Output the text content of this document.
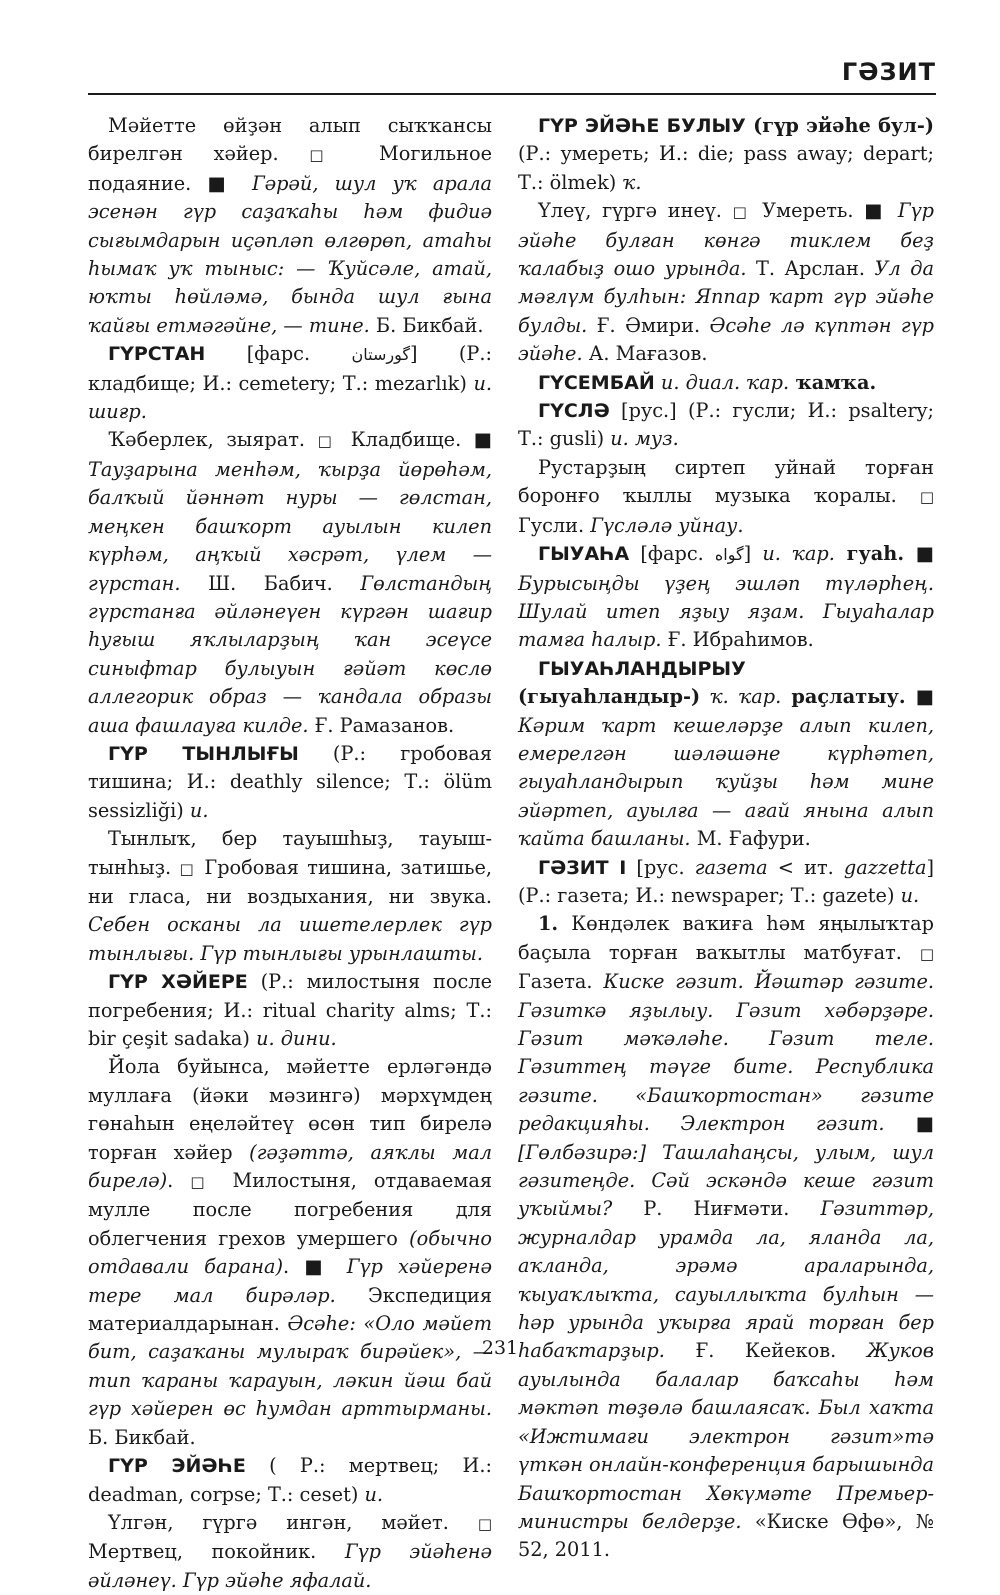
ГӘЗИТ

Мәйетте өйҙән алып сыҡҡансы бирелгән хәйер. □ Могильное подаяние. ■ Гәрәй, шул уҡ арала эсенән гүр саҙаҡаһы һәм фидиә сығымдарын иҫәпләп өлгөрөп, атаһы һымаҡ уҡ тыныс: — Ҡуйсәле, атай, юҡты һөйләмә, бында шул ғына ҡайғы етмәгәйне, — тине. Б. Бикбай.

ГҮРСТАН [фарс. گورستان] (Р.: кладбище; И.: cemetery; Т.: mezarlık) и. шиғр.

Ҡәберлек, зыярат. □ Кладбище. ■ Тауҙарына менһәм, ҡырҙа йөрөһәм, балҡый йәннәт нуры — гөлстан, меңкен башҡорт ауылын килеп күрһәм, аңҡый хәсрәт, үлем — гүрстан. Ш. Бабич. Гөлстандың гүрстанға әйләнеүен күргән шағир һуғыш яҡлыларҙың ҡан эсеүсе синыфтар булыуын ғәйәт көслө аллегорик образ — ҡандала образы аша фашлауға килде. Ғ. Рамазанов.

ГҮР ТЫНЛЫҒЫ (Р.: гробовая тишина; И.: deathly silence; Т.: ölüm sessizliği) и.

Тынлыҡ, бер тауышһыҙ, тауыш-тынһыҙ. □ Гробовая тишина, затишье, ни гласа, ни воздыхания, ни звука. Себен осканы ла ишетелерлек гүр тынлығы. Гүр тынлығы урынлашты.

ГҮР ХӘЙЕРЕ (Р.: милостыня после погребения; И.: ritual charity alms; Т.: bir çeşit sadaka) и. дини.

Йола буйынса, мәйетте ерләгәндә муллаға (йәки мәзингә) мәрхүмдең гөнаһын еңеләйтеү өсөн тип бирелә торған хәйер (гәҙәттә, аяҡлы мал бирелә). □ Милостыня, отдаваемая мулле после погребения для облегчения грехов умершего (обычно отдавали барана). ■ Гүр хәйеренә тере мал бирәләр. Экспедиция материалдарынан. Әсәһе: «Оло мәйет бит, саҙаҡаны мулыраҡ бирәйек», — тип ҡараны ҡарауын, ләкин йәш бай гүр хәйерен өс һумдан арттырманы. Б. Бикбай.

ГҮР ЭЙӘҺЕ ( Р.: мертвец; И.: deadman, corpse; Т.: ceset) и.

Үлгән, гүргә ингән, мәйет. □ Мертвец, покойник. Гүр эйәһенә әйләнеү. Гүр эйәһе яфалай.

ГҮР ЭЙӘҺЕ БУЛЫУ (гүр эйәһе бул-) (Р.: умереть; И.: die; pass away; depart; Т.: ölmek) ҡ.

Үлеү, гүргә инеү. □ Умереть. ■ Гүр эйәһе булған көнгә тиклем беҙ ҡалабыҙ ошо урында. Т. Арслан. Ул да мәғлүм булһын: Яппар ҡарт гүр эйәһе булды. Ғ. Әмири. Әсәһе лә күптән гүр эйәһе. А. Мағазов.

ГҮСЕМБАЙ и. диал. ҡар. ҡамҡа.

ГҮСЛӘ [рус.] (Р.: гусли; И.: psaltery; Т.: gusli) и. муз.

Рустарҙың сиртеп уйнай торған боронғо ҡыллы музыка ҡоралы. □ Гусли. Гүсләлә уйнау.

ГЫУАҺА [фарс. گواه] и. ҡар. гуаһ. ■ Бурысыңды үҙең эшләп түләрһең. Шулай итеп яҙыу яҙам. Гыуаһалар тамға һалыр. Ғ. Ибраһимов.

ГЫУАҺЛАНДЫРЫУ (гыуаһландыр-) ҡ. ҡар. раҫлатыу. ■ Кәрим ҡарт кешеләрҙе алып килеп, емерелгән шәләшәне күрһәтеп, гыуаһландырып ҡуйҙы һәм мине эйәртеп, ауылға — ағай янына алып ҡайта башланы. М. Ғафури.

ГӘЗИТ I [рус. газета < ит. gazzetta] (Р.: газета; И.: newspaper; Т.: gazete) и.

1. Көндәлек ваҡиға һәм яңылыҡтар баҫыла торған ваҡытлы матбуғат. □ Газета. Киске гәзит. Йәштәр гәзите. Гәзиткә яҙылыу. Гәзит хәбәрҙәре. Гәзит мәҡәләһе. Гәзит теле. Гәзиттең тәүге бите. Республика гәзите. «Башҡортостан» гәзите редакцияһы. Электрон гәзит. ■ [Гөлбәзирә:] Ташлаһаңсы, улым, шул гәзитеңде. Сәй эскәндә кеше гәзит уҡыймы? Р. Ниғмәти. Гәзиттәр, журналдар урамда ла, яланда ла, аҡланда, эрәмә араларында, ҡыуаҡлыҡта, сауыллыҡта булһын — һәр урында уҡырға ярай торған бер һабаҡтарҙыр. Ғ. Кейеков. Жуков ауылында балалар баҡсаһы һәм мәктәп төҙөлә башлаясаҡ. Был хаҡта «Ижтимағи электрон гәзит»тә үткән онлайн-конференция барышында Башҡортостан Хөкүмәте Премьер-министры белдерҙе. «Киске Өфө», № 52, 2011.

231
